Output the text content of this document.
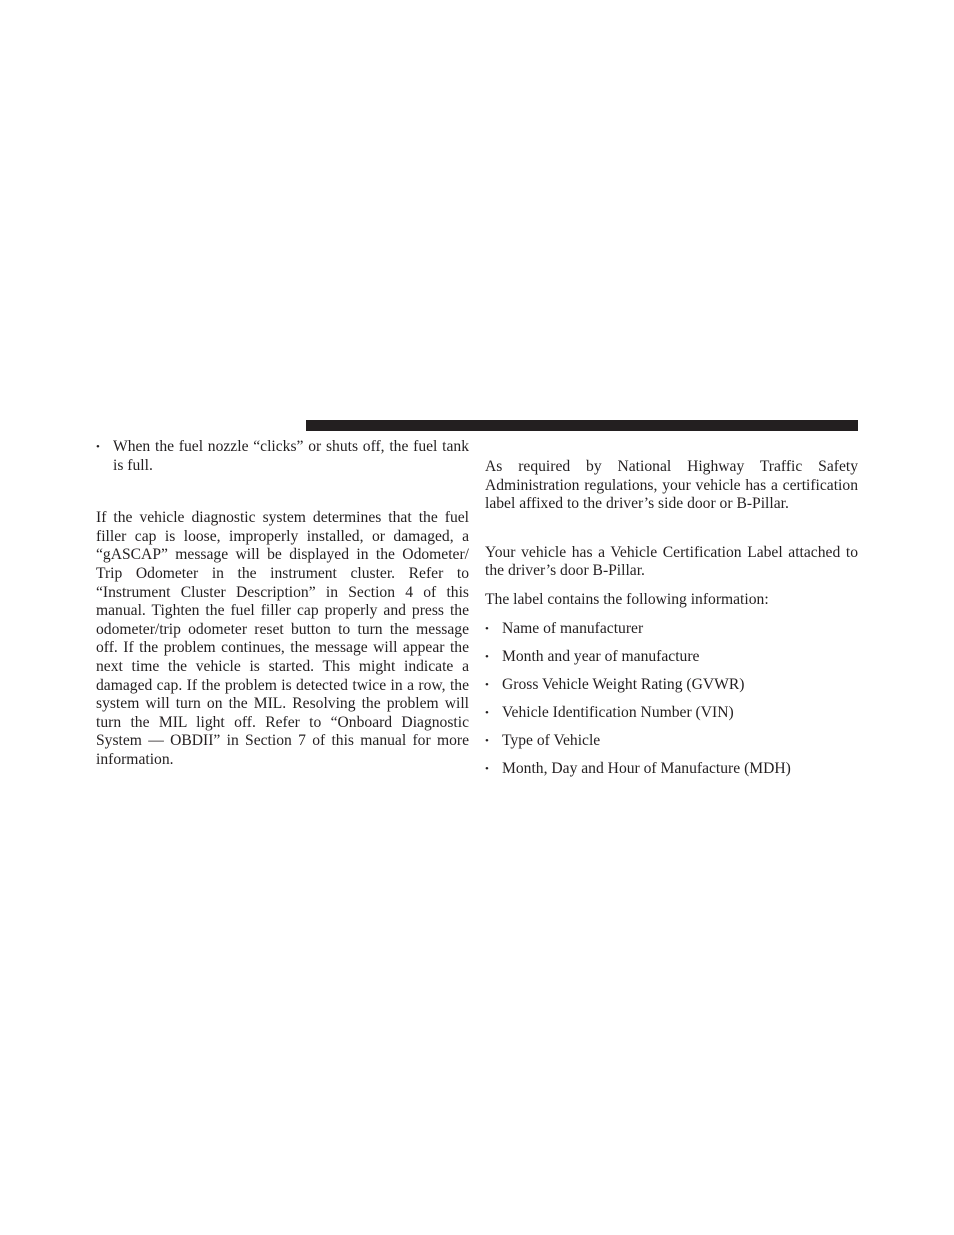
• When the fuel nozzle “clicks” or shuts off, the fuel tank is full.

If the vehicle diagnostic system determines that the fuel filler cap is loose, improperly installed, or damaged, a “gASCAP” message will be displayed in the Odometer/ Trip Odometer in the instrument cluster. Refer to “Instrument Cluster Description” in Section 4 of this manual. Tighten the fuel filler cap properly and press the odometer/trip odometer reset button to turn the message off. If the problem continues, the message will appear the next time the vehicle is started. This might indicate a damaged cap. If the problem is detected twice in a row, the system will turn on the MIL. Resolving the problem will turn the MIL light off. Refer to “Onboard Diagnostic System — OBDII” in Section 7 of this manual for more information.

As required by National Highway Traffic Safety Administration regulations, your vehicle has a certification label affixed to the driver’s side door or B-Pillar.

Your vehicle has a Vehicle Certification Label attached to the driver’s door B-Pillar.

The label contains the following information:

• Name of manufacturer
• Month and year of manufacture
• Gross Vehicle Weight Rating (GVWR)
• Vehicle Identification Number (VIN)
• Type of Vehicle
• Month, Day and Hour of Manufacture (MDH)
